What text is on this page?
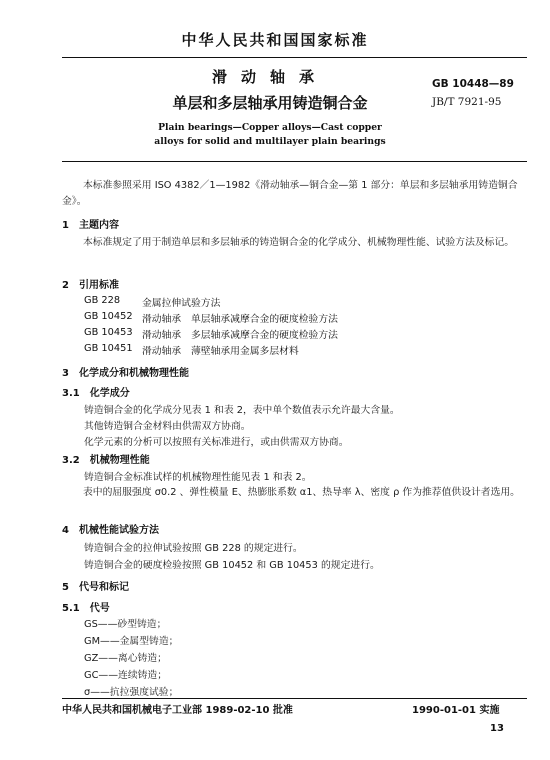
中华人民共和国国家标准
滑动轴承
单层和多层轴承用铸造铜合金
GB 10448—89
JB/T 7921-95
Plain bearings—Copper alloys—Cast copper
alloys for solid and multilayer plain bearings
本标准参照采用 ISO 4382／1—1982《滑动轴承—铜合金—第 1 部分：单层和多层轴承用铸造铜合金》。
1　主题内容
本标准规定了用于制造单层和多层轴承的铸造铜合金的化学成分、机械物理性能、试验方法及标记。
2　引用标准
GB 228 金属拉伸试验方法
GB 10452 滑动轴承　单层轴承减摩合金的硬度检验方法
GB 10453 滑动轴承　多层轴承减摩合金的硬度检验方法
GB 10451 滑动轴承　薄壁轴承用金属多层材料
3　化学成分和机械物理性能
3.1　化学成分
铸造铜合金的化学成分见表 1 和表 2，表中单个数值表示允许最大含量。
其他铸造铜合金材料由供需双方协商。
化学元素的分析可以按照有关标准进行，或由供需双方协商。
3.2　机械物理性能
铸造铜合金标准试样的机械物理性能见表 1 和表 2。
表中的屈服强度 σ0.2 、弹性模量 E、热膨胀系数 α1、热导率 λ、密度 ρ 作为推荐值供设计者选用。
4　机械性能试验方法
铸造铜合金的拉伸试验按照 GB 228 的规定进行。
铸造铜合金的硬度检验按照 GB 10452 和 GB 10453 的规定进行。
5　代号和标记
5.1　代号
GS——砂型铸造；
GM——金属型铸造；
GZ——离心铸造；
GC——连续铸造；
σ——抗拉强度试验；
中华人民共和国机械电子工业部 1989-02-10 批准	1990-01-01 实施
13
